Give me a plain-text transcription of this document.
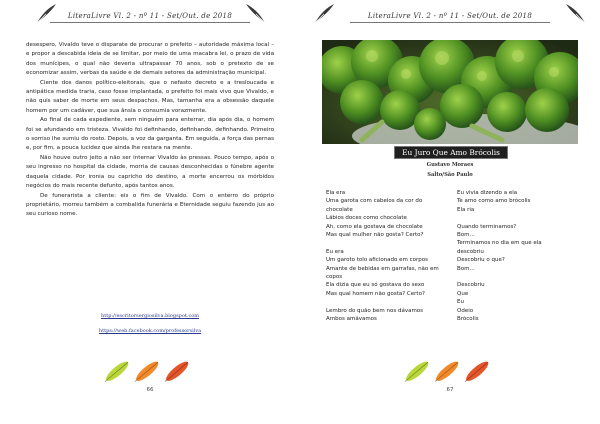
LiteraLivre Vl. 2 - nº 11 - Set/Out. de 2018

desespero, Vivaldo teve o disparate de procurar o prefeito – autoridade máxima local – e propor a descabida ideia de se limitar, por meio de uma macabra lei, o prazo de vida dos munícipes, o qual não deveria ultrapassar 70 anos, sob o pretexto de se economizar assim, verbas da saúde e de demais setores da administração municipal.

Ciente dos danos político-eleitorais, que o nefasto decreto e a tresloucada e antipática medida traria, caso fosse implantada, o prefeito foi mais vivo que Vivaldo, e não quis saber de morte em seus despachos. Mas, tamanha era a obsessão daquele homem por um cadáver, que sua ânsia o consumia vorazmente.

Ao final de cada expediente, sem ninguém para enterrar, dia após dia, o homem foi se afundando em tristeza. Vivaldo foi definhando, definhando, definhando. Primeiro o sorriso lhe sumiu do rosto. Depois, a voz da garganta. Em seguida, a força das pernas e, por fim, a pouca lucidez que ainda lhe restara na mente.

Não houve outro jeito a não ser internar Vivaldo às pressas. Pouco tempo, após o seu ingresso no hospital da cidade, morria de causas desconhecidas o fúnebre agente daquela cidade. Por ironia ou capricho do destino, a morte encerrou os mórbidos negócios do mais recente defunto, após tantos anos.

De funerarista a cliente: eis o fim de Vivaldo. Com o enterro do próprio proprietário, morreu também a combalida funerária e Eternidade seguiu fazendo jus ao seu curioso nome.

http://escritorsergiosilva.blogspot.com
https://web.facebook.com/professorsilva
66
LiteraLivre Vl. 2 - nº 11 - Set/Out. de 2018
Eu Juro Que Amo Brócolis
Gustavo Moraes
Salto/São Paulo
Ela era
Uma garota com cabelos da cor do chocolate
Lábios doces como chocolate
Ah, como ela gostava de chocolate
Mas qual mulher não gosta? Certo?
Eu era
Um garoto tolo aficionado em corpos
Amante de bebidas em garrafas, não em copos
Ela dizia que eu só gostava do sexo
Mas qual homem não gosta? Certo?
Lembro do quão bem nos dávamos
Ambos amávamos
Eu vivia dizendo a ela
Te amo como amo brócolis
Ela ria
Quando terminamos?
Bom...
Terminamos no dia em que ela descobriu
Descobriu o que?
Bom...
Descobriu
Que
Eu
Odeio
Brócolis
67
